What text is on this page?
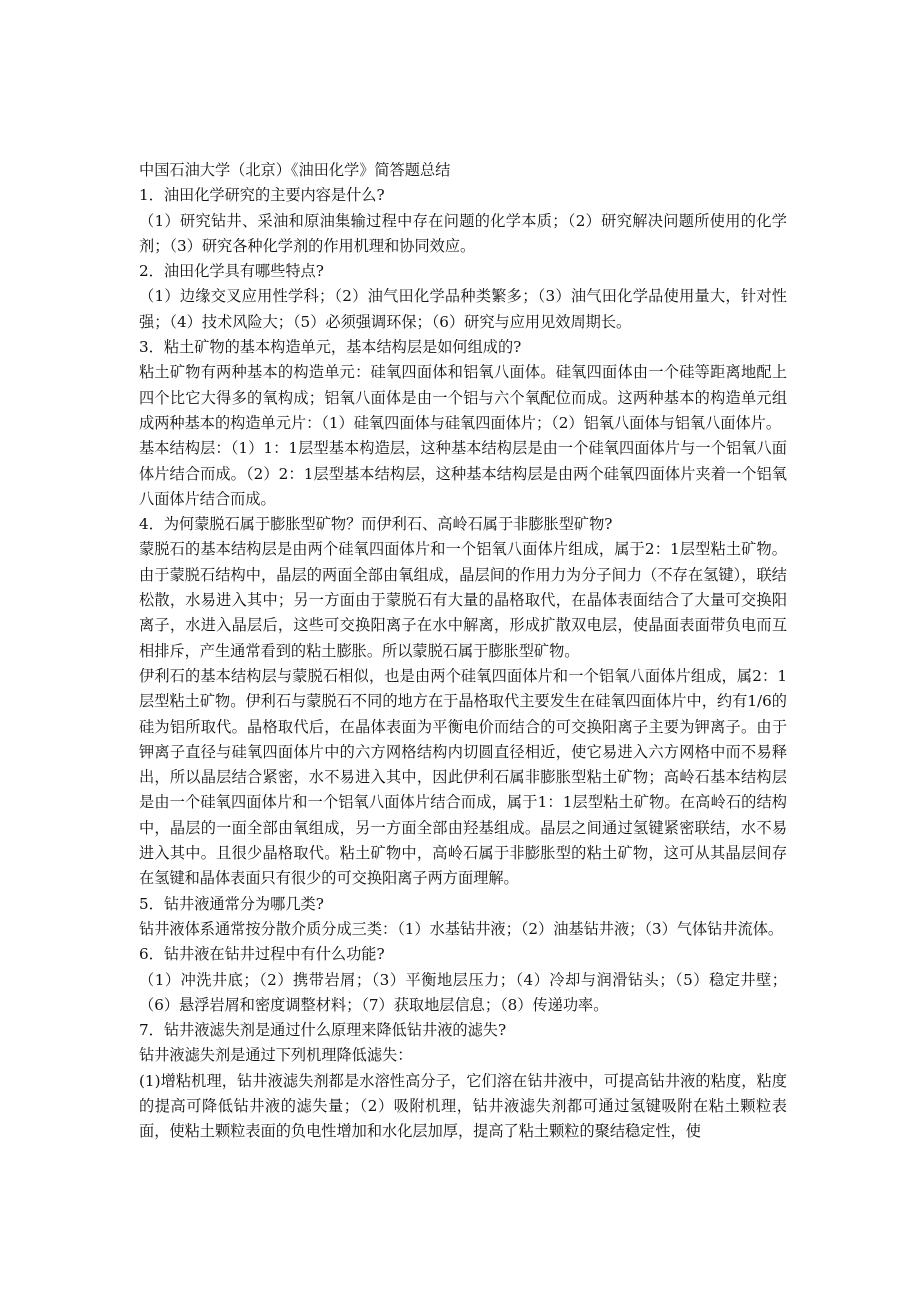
中国石油大学（北京）《油田化学》简答题总结

1．油田化学研究的主要内容是什么?

（1）研究钻井、采油和原油集输过程中存在问题的化学本质；（2）研究解决问题所使用的化学剂；（3）研究各种化学剂的作用机理和协同效应。

2．油田化学具有哪些特点?

（1）边缘交叉应用性学科；（2）油气田化学品种类繁多；（3）油气田化学品使用量大，针对性强；（4）技术风险大；（5）必须强调环保；（6）研究与应用见效周期长。

3．粘土矿物的基本构造单元，基本结构层是如何组成的?

粘土矿物有两种基本的构造单元：硅氧四面体和铝氧八面体。硅氧四面体由一个硅等距离地配上四个比它大得多的氧构成；铝氧八面体是由一个铝与六个氧配位而成。这两种基本的构造单元组成两种基本的构造单元片：（1）硅氧四面体与硅氧四面体片；（2）铝氧八面体与铝氧八面体片。

基本结构层：（1）1：1层型基本构造层，这种基本结构层是由一个硅氧四面体片与一个铝氧八面体片结合而成。（2）2：1层型基本结构层，这种基本结构层是由两个硅氧四面体片夹着一个铝氧八面体片结合而成。

4．为何蒙脱石属于膨胀型矿物？而伊利石、高岭石属于非膨胀型矿物?

蒙脱石的基本结构层是由两个硅氧四面体片和一个铝氧八面体片组成，属于2：1层型粘土矿物。由于蒙脱石结构中，晶层的两面全部由氧组成，晶层间的作用力为分子间力（不存在氢键），联结松散，水易进入其中；另一方面由于蒙脱石有大量的晶格取代，在晶体表面结合了大量可交换阳离子，水进入晶层后，这些可交换阳离子在水中解离，形成扩散双电层，使晶面表面带负电而互相排斥，产生通常看到的粘土膨胀。所以蒙脱石属于膨胀型矿物。

伊利石的基本结构层与蒙脱石相似，也是由两个硅氧四面体片和一个铝氧八面体片组成，属2：1层型粘土矿物。伊利石与蒙脱石不同的地方在于晶格取代主要发生在硅氧四面体片中，约有1/6的硅为铝所取代。晶格取代后，在晶体表面为平衡电价而结合的可交换阳离子主要为钾离子。由于钾离子直径与硅氧四面体片中的六方网格结构内切圆直径相近，使它易进入六方网格中而不易释出，所以晶层结合紧密，水不易进入其中，因此伊利石属非膨胀型粘土矿物；高岭石基本结构层是由一个硅氧四面体片和一个铝氧八面体片结合而成，属于1：1层型粘土矿物。在高岭石的结构中，晶层的一面全部由氧组成，另一方面全部由羟基组成。晶层之间通过氢键紧密联结，水不易进入其中。且很少晶格取代。粘土矿物中，高岭石属于非膨胀型的粘土矿物，这可从其晶层间存在氢键和晶体表面只有很少的可交换阳离子两方面理解。

5．钻井液通常分为哪几类?

钻井液体系通常按分散介质分成三类：（1）水基钻井液；（2）油基钻井液；（3）气体钻井流体。

6．钻井液在钻井过程中有什么功能?

（1）冲洗井底；（2）携带岩屑；（3）平衡地层压力；（4）冷却与润滑钻头；（5）稳定井壁；（6）悬浮岩屑和密度调整材料；（7）获取地层信息；（8）传递功率。

7．钻井液滤失剂是通过什么原理来降低钻井液的滤失?

钻井液滤失剂是通过下列机理降低滤失：

(1)增粘机理，钻井液滤失剂都是水溶性高分子，它们溶在钻井液中，可提高钻井液的粘度，粘度的提高可降低钻井液的滤失量；（2）吸附机理，钻井液滤失剂都可通过氢键吸附在粘土颗粒表面，使粘土颗粒表面的负电性增加和水化层加厚，提高了粘土颗粒的聚结稳定性，使
